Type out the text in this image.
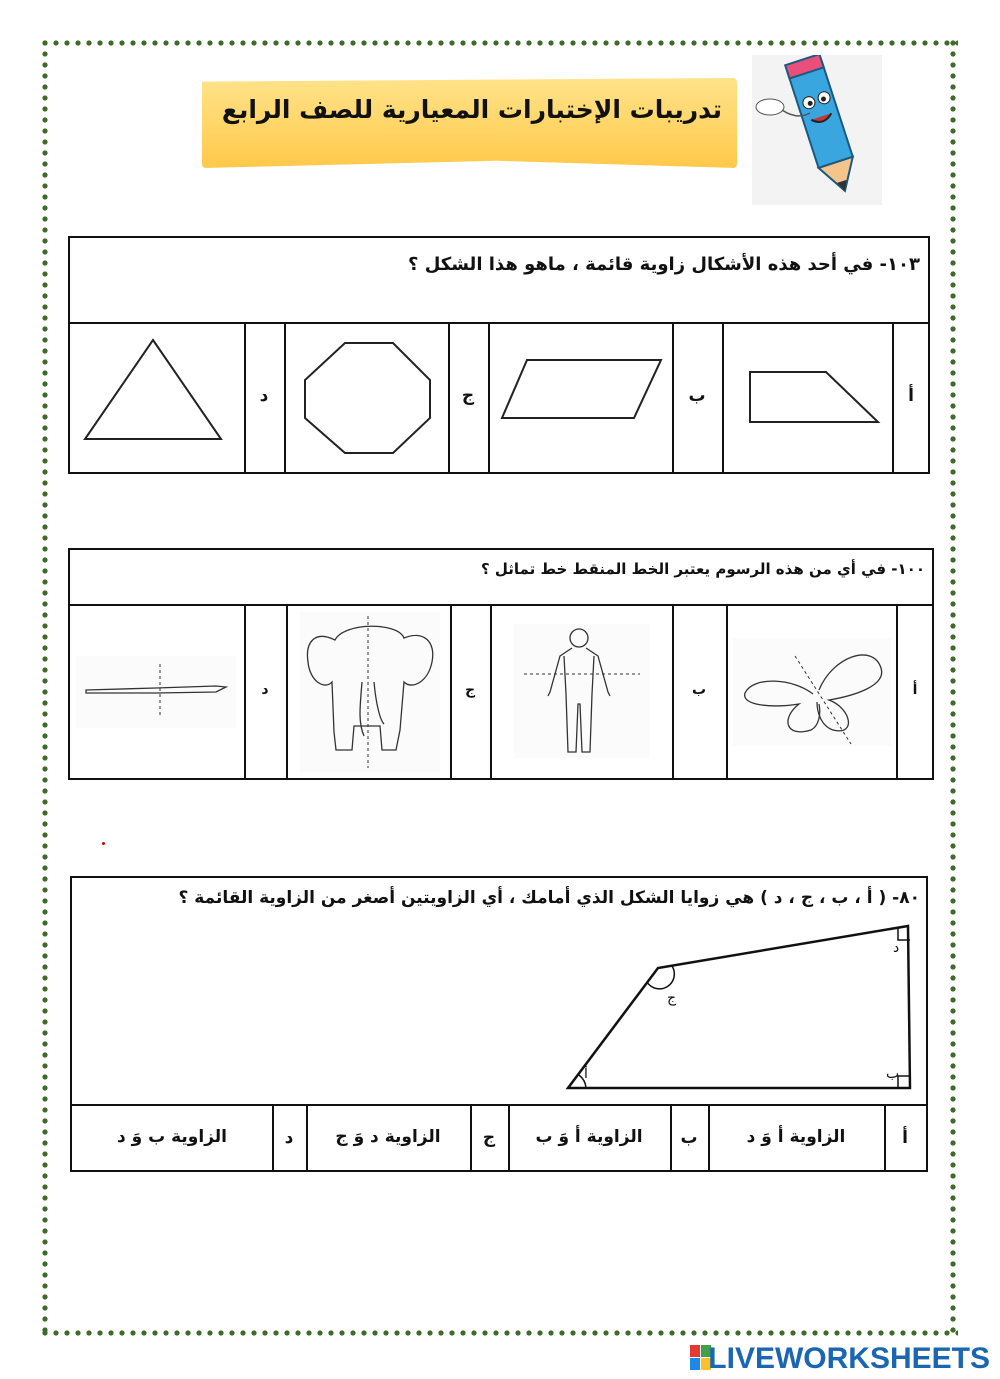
تدريبات الإختبارات المعيارية للصف الرابع
١٠٣- في أحد هذه الأشكال زاوية قائمة ، ماهو هذا الشكل ؟
أ
ب
ج
د
١٠٠- في أي من هذه الرسوم يعتبر الخط المنقط خط تماثل ؟
أ
ب
ج
د
٨٠- ( أ ، ب ، ج ، د ) هي زوايا الشكل الذي أمامك ، أي الزاويتين أصغر من الزاوية القائمة ؟
أ
ج
د
ب
أ
الزاوية أ وَ د
ب
الزاوية أ وَ ب
ج
الزاوية د وَ ج
د
الزاوية ب وَ د
LIVEWORKSHEETS
